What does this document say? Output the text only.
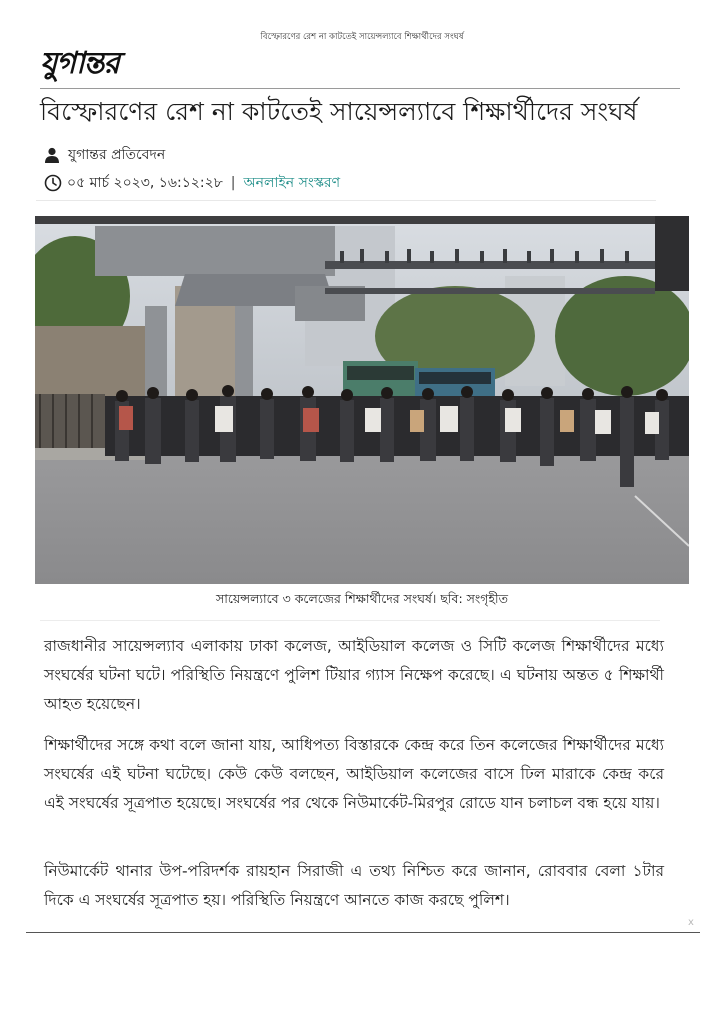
বিস্ফোরণের রেশ না কাটতেই সায়েন্সল্যাবে শিক্ষার্থীদের সংঘর্ষ
যুগান্তর
বিস্ফোরণের রেশ না কাটতেই সায়েন্সল্যাবে শিক্ষার্থীদের সংঘর্ষ
যুগান্তর প্রতিবেদন
০৫ মার্চ ২০২৩, ১৬:১২:২৮ | অনলাইন সংস্করণ
সায়েন্সল্যাবে ৩ কলেজের শিক্ষার্থীদের সংঘর্ষ। ছবি: সংগৃহীত

রাজধানীর সায়েন্সল্যাব এলাকায় ঢাকা কলেজ, আইডিয়াল কলেজ ও সিটি কলেজ শিক্ষার্থীদের মধ্যে সংঘর্ষের ঘটনা ঘটে। পরিস্থিতি নিয়ন্ত্রণে পুলিশ টিয়ার গ্যাস নিক্ষেপ করেছে। এ ঘটনায় অন্তত ৫ শিক্ষার্থী আহত হয়েছেন।

শিক্ষার্থীদের সঙ্গে কথা বলে জানা যায়, আধিপত্য বিস্তারকে কেন্দ্র করে তিন কলেজের শিক্ষার্থীদের মধ্যে সংঘর্ষের এই ঘটনা ঘটেছে। কেউ কেউ বলছেন, আইডিয়াল কলেজের বাসে ঢিল মারাকে কেন্দ্র করে এই সংঘর্ষের সূত্রপাত হয়েছে। সংঘর্ষের পর থেকে নিউমার্কেট-মিরপুর রোডে যান চলাচল বন্ধ হয়ে যায়।

নিউমার্কেট থানার উপ-পরিদর্শক রায়হান সিরাজী এ তথ্য নিশ্চিত করে জানান, রোববার বেলা ১টার দিকে এ সংঘর্ষের সূত্রপাত হয়। পরিস্থিতি নিয়ন্ত্রণে আনতে কাজ করছে পুলিশ।

x
